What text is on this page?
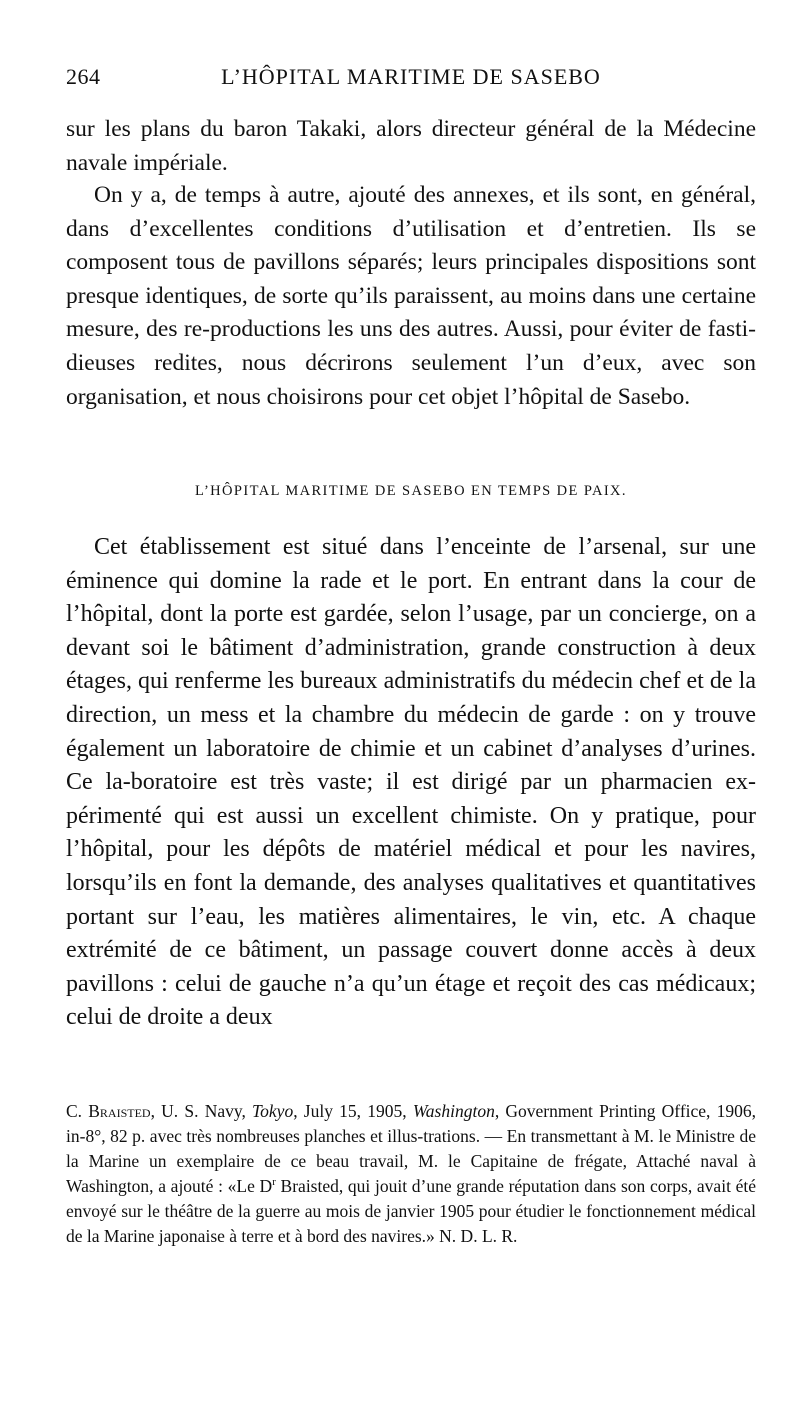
264	L’HÔPITAL MARITIME DE SASEBO

sur les plans du baron Takaki, alors directeur général de la Médecine navale impériale.

On y a, de temps à autre, ajouté des annexes, et ils sont, en général, dans d’excellentes conditions d’utilisation et d’entretien. Ils se composent tous de pavillons séparés; leurs principales dispositions sont presque identiques, de sorte qu’ils paraissent, au moins dans une certaine mesure, des re-productions les uns des autres. Aussi, pour éviter de fasti-dieuses redites, nous décrirons seulement l’un d’eux, avec son organisation, et nous choisirons pour cet objet l’hôpital de Sasebo.

L’HÔPITAL MARITIME DE SASEBO EN TEMPS DE PAIX.

Cet établissement est situé dans l’enceinte de l’arsenal, sur une éminence qui domine la rade et le port. En entrant dans la cour de l’hôpital, dont la porte est gardée, selon l’usage, par un concierge, on a devant soi le bâtiment d’administration, grande construction à deux étages, qui renferme les bureaux administratifs du médecin chef et de la direction, un mess et la chambre du médecin de garde : on y trouve également un laboratoire de chimie et un cabinet d’analyses d’urines. Ce la-boratoire est très vaste; il est dirigé par un pharmacien ex-périmenté qui est aussi un excellent chimiste. On y pratique, pour l’hôpital, pour les dépôts de matériel médical et pour les navires, lorsqu’ils en font la demande, des analyses qualitatives et quantitatives portant sur l’eau, les matières alimentaires, le vin, etc. A chaque extrémité de ce bâtiment, un passage couvert donne accès à deux pavillons : celui de gauche n’a qu’un étage et reçoit des cas médicaux; celui de droite a deux

C. Braisted, U. S. Navy, Tokyo, July 15, 1905, Washington, Government Printing Office, 1906, in-8°, 82 p. avec très nombreuses planches et illus-trations. — En transmettant à M. le Ministre de la Marine un exemplaire de ce beau travail, M. le Capitaine de frégate, Attaché naval à Washington, a ajouté : «Le $D^r$ Braisted, qui jouit d’une grande réputation dans son corps, avait été envoyé sur le théâtre de la guerre au mois de janvier 1905 pour étudier le fonctionnement médical de la Marine japonaise à terre et à bord des navires.» N. D. L. R.
